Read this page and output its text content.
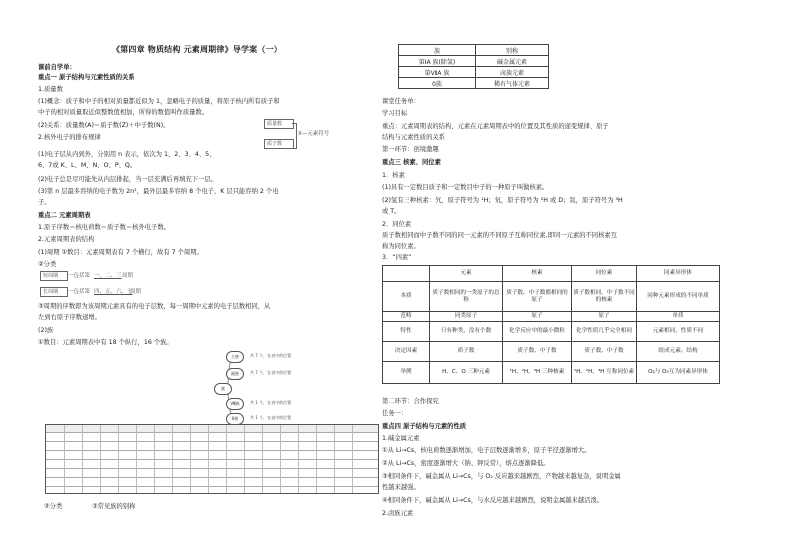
《第四章 物质结构 元素周期律》导学案（一）
课前自学单：
重点一 原子结构与元素性质的关系
1.质量数
(1)概念：质子和中子的相对质量都近似为 1，忽略电子的质量，将原子核内所有质子和
中子的相对质量取近似整数值相加，所得的数值叫作质量数。
(2)关系：质量数(A)＝质子数(Z)＋中子数(N)。	质量数
质子数
X—元素符号
2.核外电子的排布规律
(1)电子层从内到外，分别用 n 表示，依次为 1、2、3、4、5、
6、7或 K、L、M、N、O、P、Q。
(2)电子总是尽可能先从内层排起，当一层充满后再填充下一层。
(3)第 n 层最多容纳的电子数为 2n²，最外层最多容纳 8 个电子，K 层只能容纳 2 个电
子。
重点二 元素周期表
1.原子序数＝核电荷数＝质子数＝核外电子数。
2.元素周期表的结构
(1)周期 ①数目：元素周期表有 7 个横行，故有 7 个周期。
②分类
短周期	一包括第 一、二、三 周期
长周期	一包括第 四、五、六、七
周期
③周期的序数即为该周期元素具有的电子层数，每一周期中元素的电子层数相同，从
左到右原子序数递增。
(2)族
①数目：元素周期表中有 18 个纵行，16 个族。
主族
副族
族
Ⅷ族
0族
共 7 个，在表中的位置
共 7 个，在表中的位置
共 1 个，在表中的位置
共 1 个，在表中的位置
②分类	③常见族的别称
族	别称
第ⅠA 族(除氢)	碱金属元素
第ⅦA 族	卤族元素
0族	稀有气体元素
课堂任务单：
学习目标
重点：元素周期表的结构、元素在元素周期表中的位置及其性质的递变规律、原子
结构与元素性质的关系
第一环节：创境激趣
重点三 核素、同位素
1．核素
(1)具有一定数目质子和一定数目中子的一种原子叫做核素。
(2)氢有三种核素：氕，原子符号为 ¹H；氘，原子符号为 ²H 或 D；氚，原子符号为 ³H
或 T。
2．同位素
质子数相同而中子数不同的同一元素的不同原子互称同位素,即同一元素的不同核素互
称为同位素。
3．“四素”
	元素	核素	同位素	同素异形体
本质	质子数相同的一类原子的总称	质子数、中子数都相同的原子	质子数相同、中子数不同的核素	同种元素形成的不同单质
范畴	同类原子	原子	原子	单质
特性	只有种类，没有个数	化学反应中的最小微粒	化学性质几乎完全相同	元素相同、性质不同
决定因素	质子数	质子数、中子数	质子数、中子数	组成元素、结构
举例	H、C、O 三种元素	¹H、²H、³H 三种核素	¹H、²H、³H 互称同位素	O₂与 O₃互为同素异形体
第二环节：合作探究
任务一：
重点四 原子结构与元素的性质
1.碱金属元素
①从 Li→Cs，核电荷数逐渐增加，电子层数逐渐增多，原子半径逐渐增大。
②从 Li→Cs，密度逐渐增大（钠、钾反常），熔点逐渐降低。
③相同条件下，碱金属从 Li→Cs，与 O₂ 反应越来越剧烈，产物越来越复杂，说明金属
性越来越强。
④相同条件下，碱金属从 Li→Cs，与水反应越来越剧烈，说明金属越来越活泼。
2.卤族元素
